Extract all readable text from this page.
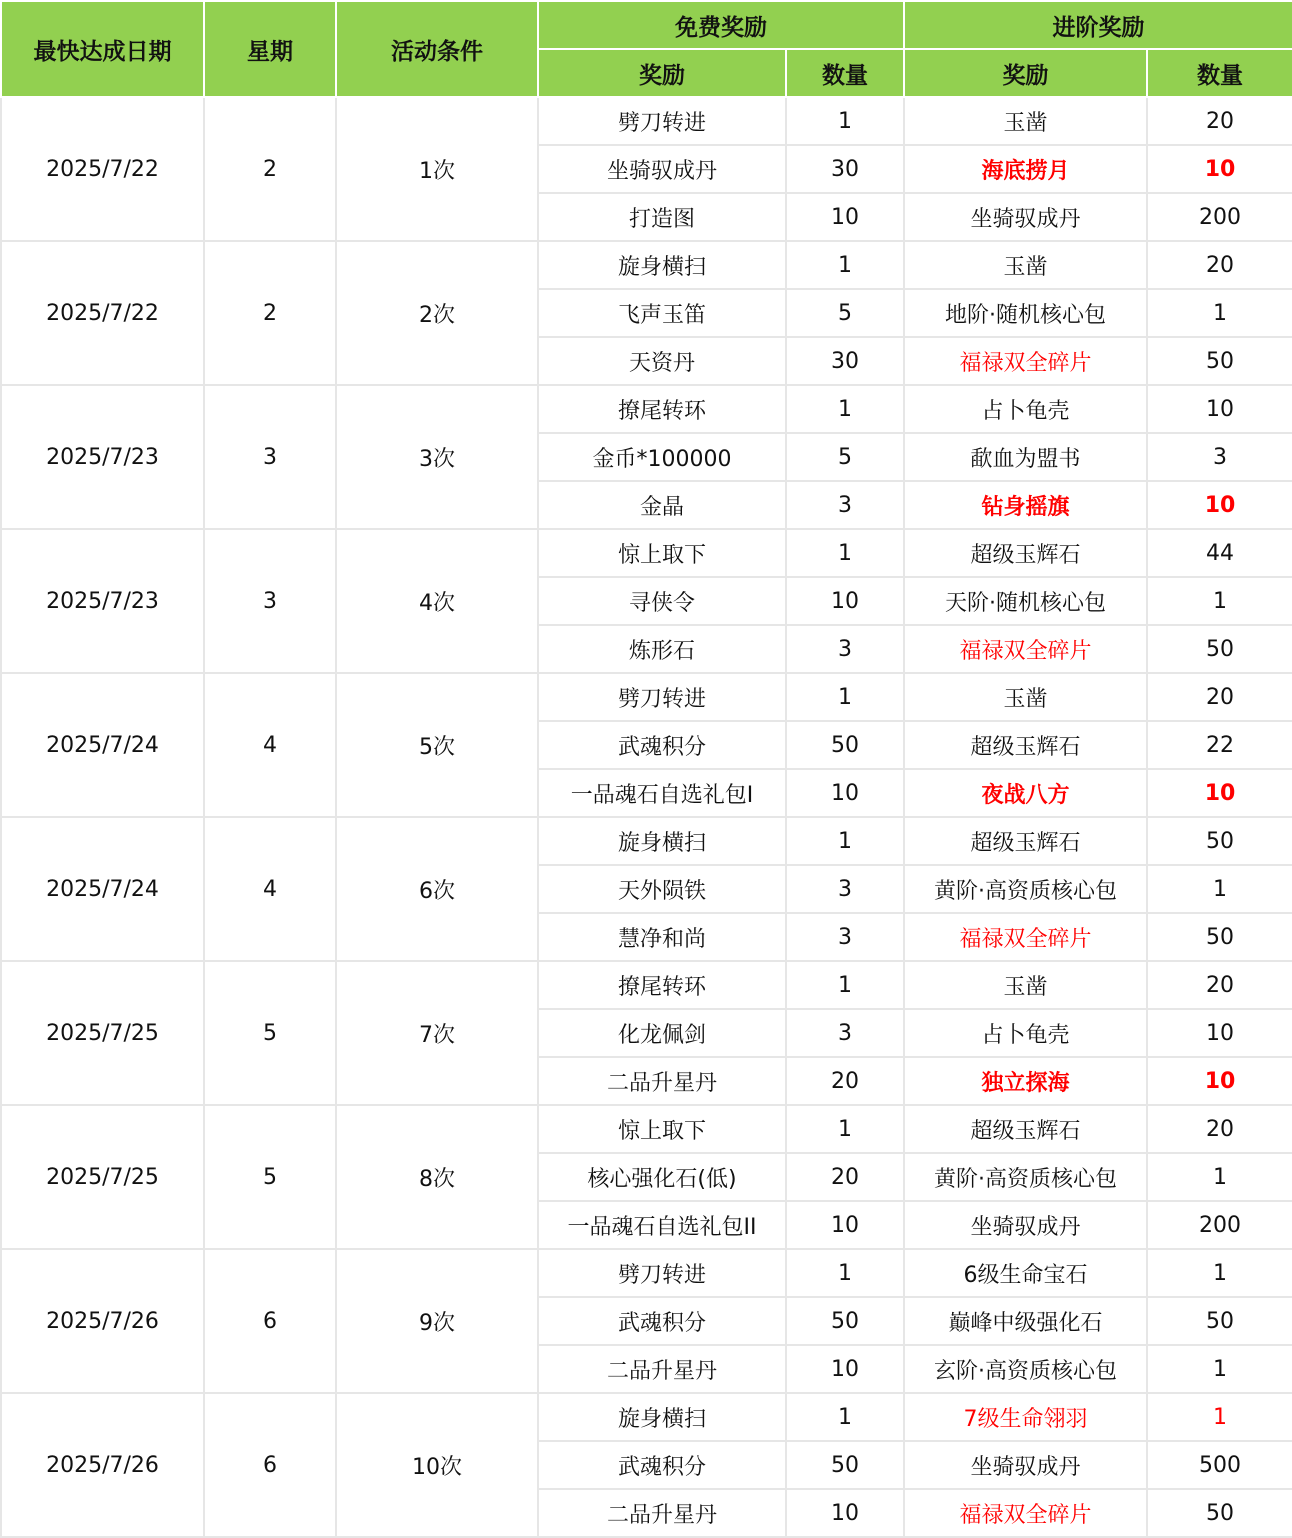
最快达成日期	星期	活动条件	免费奖励		进阶奖励	
			奖励	数量	奖励	数量
2025/7/22	2	1次	劈刀转进	1	玉凿	20
			坐骑驭成丹	30	海底捞月	10
			打造图	10	坐骑驭成丹	200
2025/7/22	2	2次	旋身横扫	1	玉凿	20
			飞声玉笛	5	地阶·随机核心包	1
			天资丹	30	福禄双全碎片	50
2025/7/23	3	3次	撩尾转环	1	占卜龟壳	10
			金币*100000	5	歃血为盟书	3
			金晶	3	钻身摇旗	10
2025/7/23	3	4次	惊上取下	1	超级玉辉石	44
			寻侠令	10	天阶·随机核心包	1
			炼形石	3	福禄双全碎片	50
2025/7/24	4	5次	劈刀转进	1	玉凿	20
			武魂积分	50	超级玉辉石	22
			一品魂石自选礼包I	10	夜战八方	10
2025/7/24	4	6次	旋身横扫	1	超级玉辉石	50
			天外陨铁	3	黄阶·高资质核心包	1
			慧净和尚	3	福禄双全碎片	50
2025/7/25	5	7次	撩尾转环	1	玉凿	20
			化龙佩剑	3	占卜龟壳	10
			二品升星丹	20	独立探海	10
2025/7/25	5	8次	惊上取下	1	超级玉辉石	20
			核心强化石(低)	20	黄阶·高资质核心包	1
			一品魂石自选礼包II	10	坐骑驭成丹	200
2025/7/26	6	9次	劈刀转进	1	6级生命宝石	1
			武魂积分	50	巅峰中级强化石	50
			二品升星丹	10	玄阶·高资质核心包	1
2025/7/26	6	10次	旋身横扫	1	7级生命翎羽	1
			武魂积分	50	坐骑驭成丹	500
			二品升星丹	10	福禄双全碎片	50
